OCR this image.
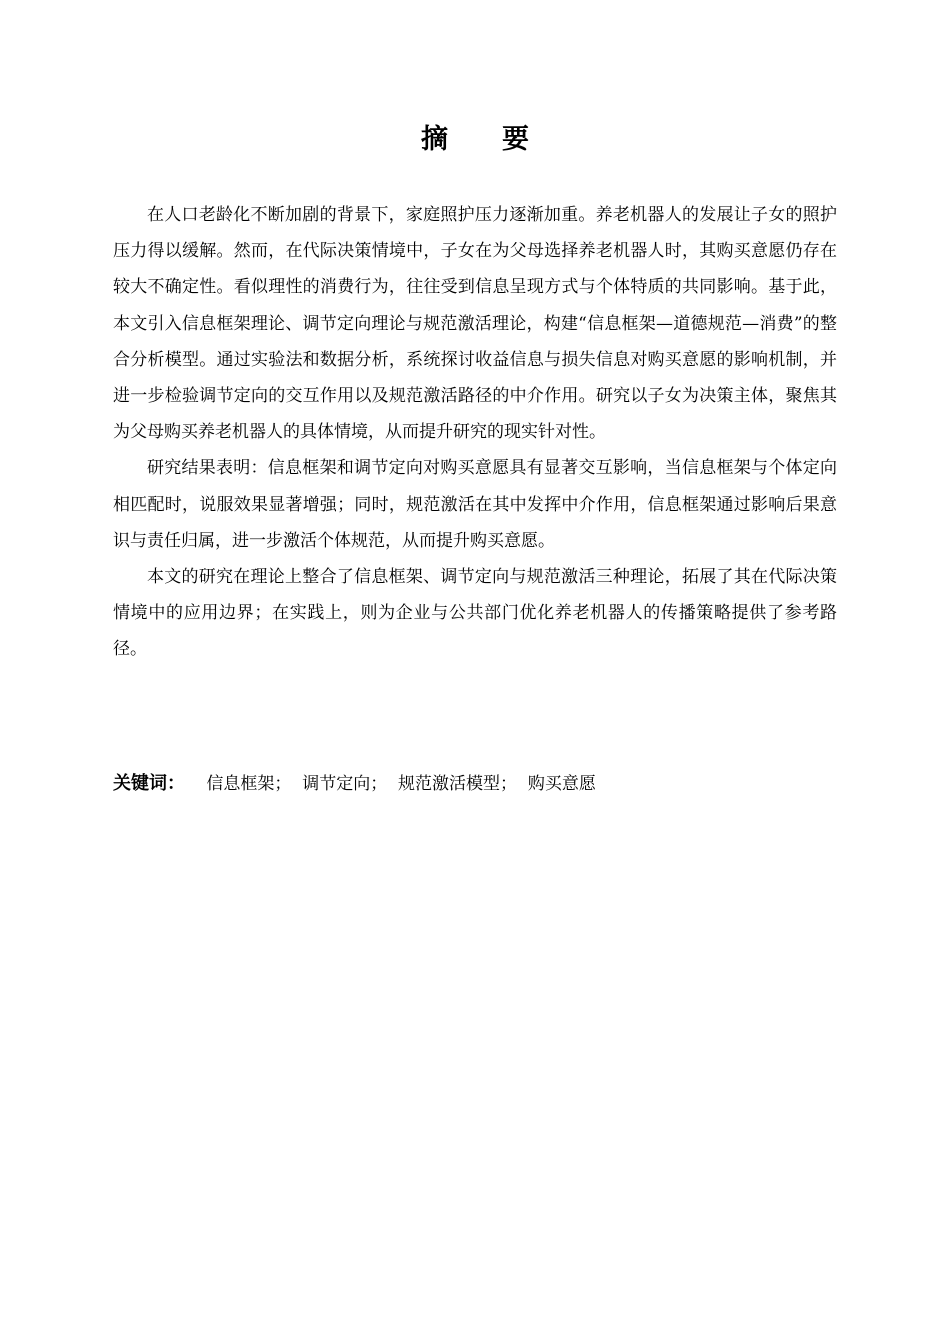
摘　　要

在人口老龄化不断加剧的背景下，家庭照护压力逐渐加重。养老机器人的发展让子女的照护压力得以缓解。然而，在代际决策情境中，子女在为父母选择养老机器人时，其购买意愿仍存在较大不确定性。看似理性的消费行为，往往受到信息呈现方式与个体特质的共同影响。基于此，本文引入信息框架理论、调节定向理论与规范激活理论，构建“信息框架—道德规范—消费”的整合分析模型。通过实验法和数据分析，系统探讨收益信息与损失信息对购买意愿的影响机制，并进一步检验调节定向的交互作用以及规范激活路径的中介作用。研究以子女为决策主体，聚焦其为父母购买养老机器人的具体情境，从而提升研究的现实针对性。

研究结果表明：信息框架和调节定向对购买意愿具有显著交互影响，当信息框架与个体定向相匹配时，说服效果显著增强；同时，规范激活在其中发挥中介作用，信息框架通过影响后果意识与责任归属，进一步激活个体规范，从而提升购买意愿。

本文的研究在理论上整合了信息框架、调节定向与规范激活三种理论，拓展了其在代际决策情境中的应用边界；在实践上，则为企业与公共部门优化养老机器人的传播策略提供了参考路径。

关键词： 信息框架； 调节定向； 规范激活模型； 购买意愿
